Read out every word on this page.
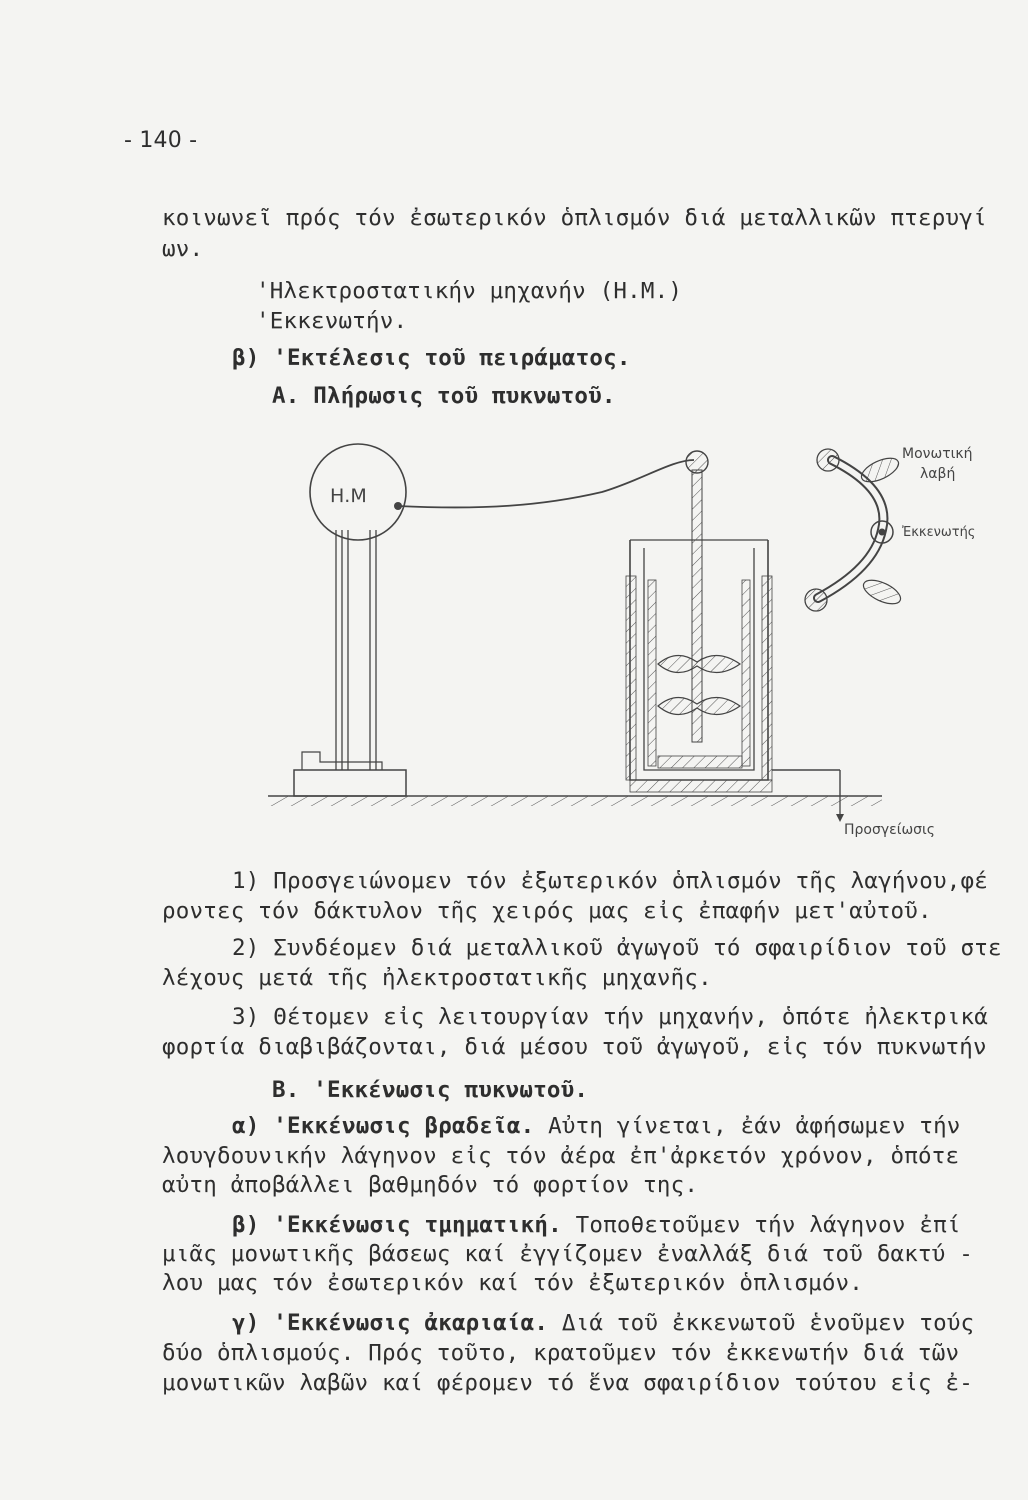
- 140 -
κοινωνεῖ πρός τόν ἐσωτερικόν ὁπλισμόν διά μεταλλικῶν πτερυγί
ων.
'Ηλεκτροστατικήν μηχανήν (Η.Μ.)
'Εκκενωτήν.
β) 'Εκτέλεσις τοῦ πειράματος.
Α. Πλήρωσις τοῦ πυκνωτοῦ.
Η.Μ
Προσγείωσις
Μονωτική
λαβή
Ἐκκενωτής
1) Προσγειώνομεν τόν ἐξωτερικόν ὁπλισμόν τῆς λαγήνου,φέ
ροντες τόν δάκτυλον τῆς χειρός μας εἰς ἐπαφήν μετ'αὐτοῦ.
2) Συνδέομεν διά μεταλλικοῦ ἀγωγοῦ τό σφαιρίδιον τοῦ στε
λέχους μετά τῆς ἠλεκτροστατικῆς μηχανῆς.
3) Θέτομεν εἰς λειτουργίαν τήν μηχανήν, ὁπότε ἠλεκτρικά
φορτία διαβιβάζονται, διά μέσου τοῦ ἀγωγοῦ, εἰς τόν πυκνωτήν
Β. 'Εκκένωσις πυκνωτοῦ.
α) 'Εκκένωσις βραδεῖα. Αὐτη γίνεται, ἐάν ἀφήσωμεν τήν
λουγδουνικήν λάγηνον εἰς τόν ἀέρα ἐπ'ἀρκετόν χρόνον, ὁπότε
αὐτη ἀποβάλλει βαθμηδόν τό φορτίον της.
β) 'Εκκένωσις τμηματική. Τοποθετοῦμεν τήν λάγηνον ἐπί
μιᾶς μονωτικῆς βάσεως καί ἐγγίζομεν ἐναλλάξ διά τοῦ δακτύ -
λου μας τόν ἐσωτερικόν καί τόν ἐξωτερικόν ὁπλισμόν.
γ) 'Εκκένωσις ἀκαριαία. Διά τοῦ ἐκκενωτοῦ ἑνοῦμεν τούς
δύο ὁπλισμούς. Πρός τοῦτο, κρατοῦμεν τόν ἐκκενωτήν διά τῶν
μονωτικῶν λαβῶν καί φέρομεν τό ἕνα σφαιρίδιον τούτου εἰς ἐ-
